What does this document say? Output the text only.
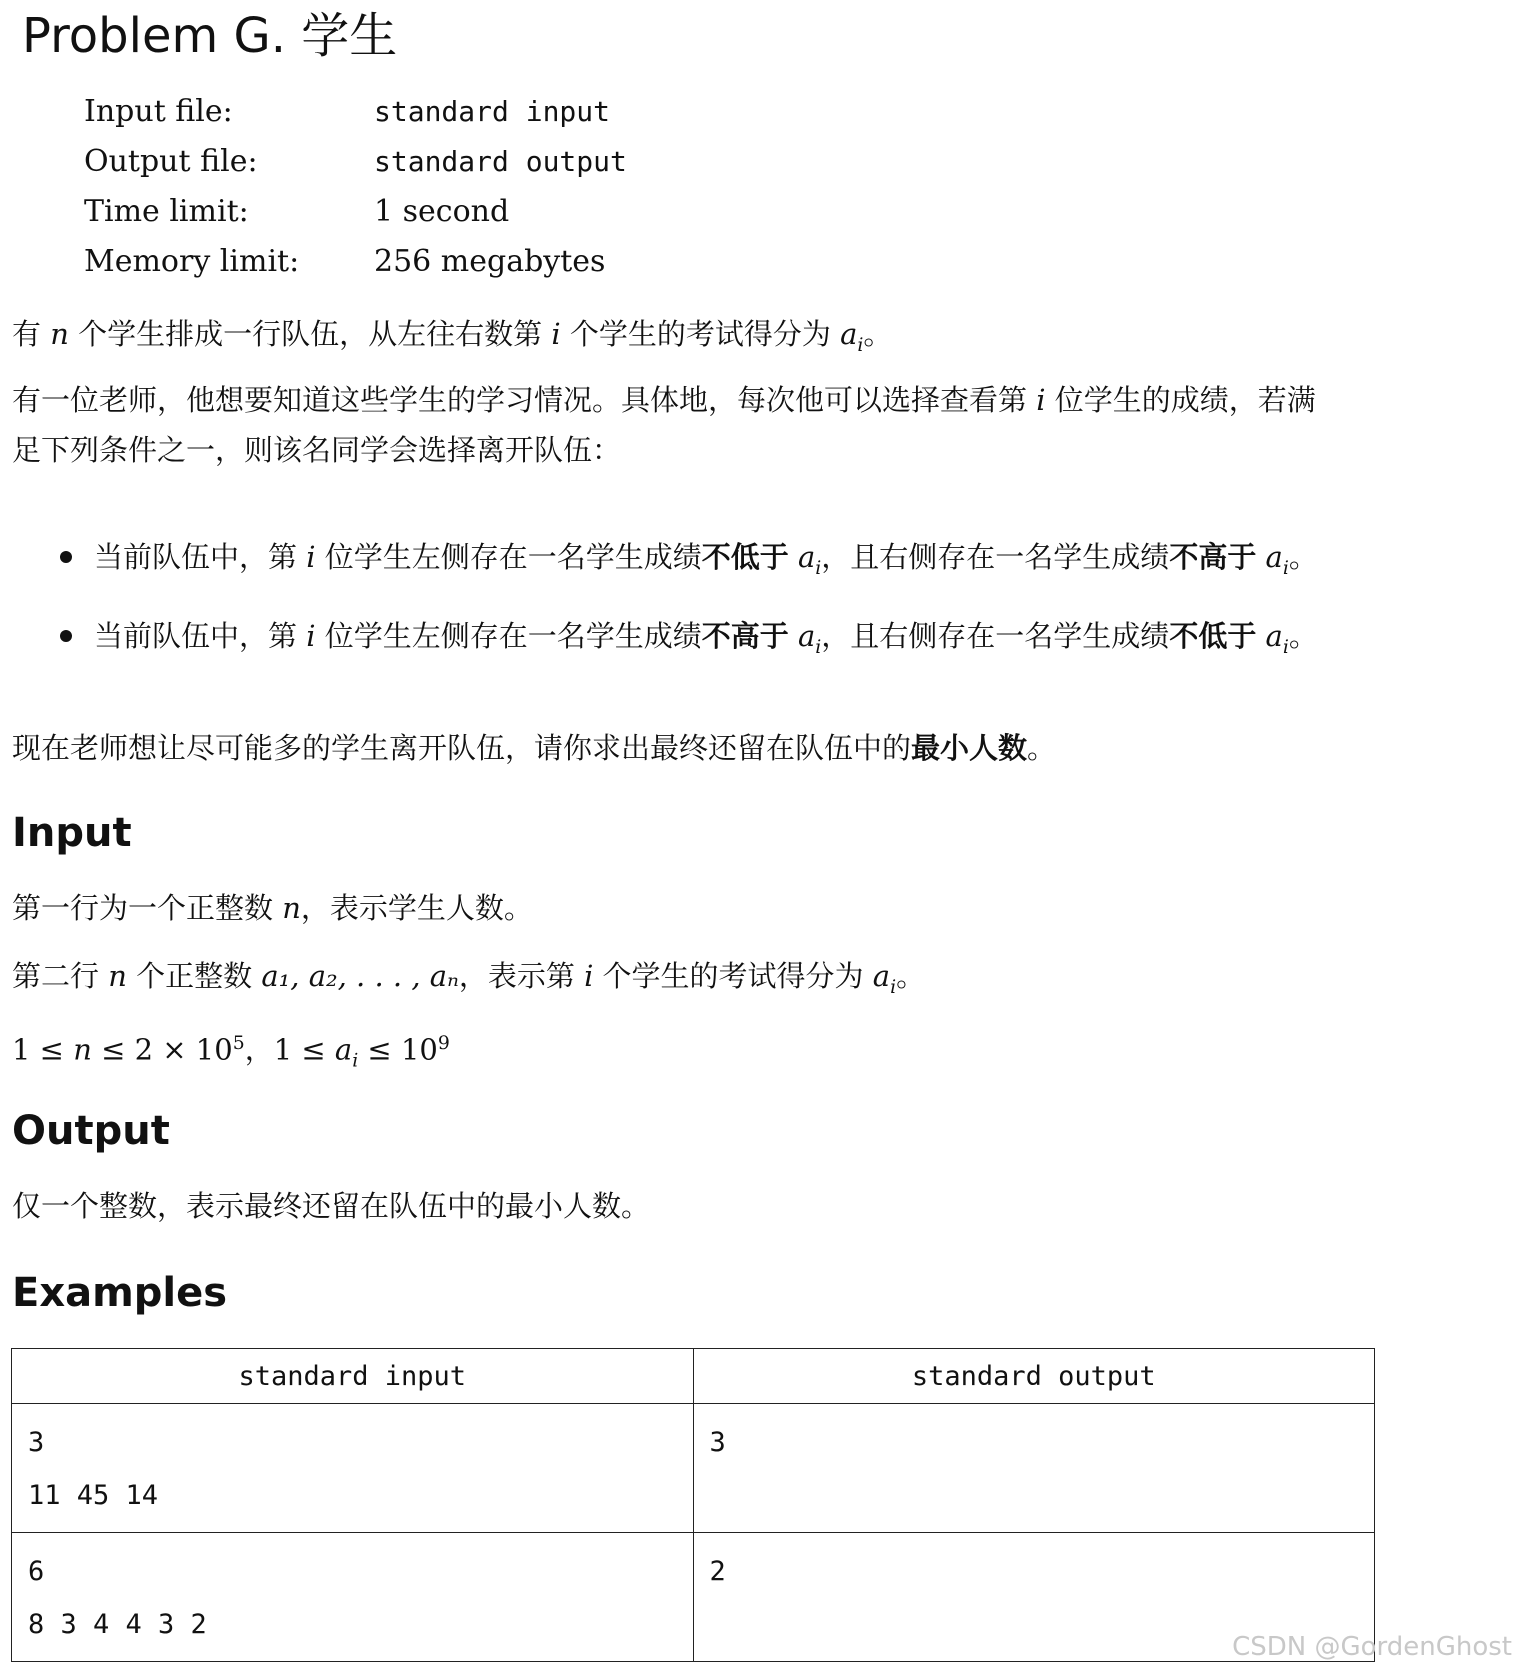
Problem G. 学生
Input file:	standard input
Output file:	standard output
Time limit:	1 second
Memory limit: 256 megabytes
有 n 个学生排成一行队伍，从左往右数第 i 个学生的考试得分为 $a_i$。
有一位老师，他想要知道这些学生的学习情况。具体地，每次他可以选择查看第 i 位学生的成绩，若满
足下列条件之一，则该名同学会选择离开队伍：
当前队伍中，第 i 位学生左侧存在一名学生成绩不低于 $a_i$，且右侧存在一名学生成绩不高于 $a_i$。
当前队伍中，第 i 位学生左侧存在一名学生成绩不高于 $a_i$，且右侧存在一名学生成绩不低于 $a_i$。
现在老师想让尽可能多的学生离开队伍，请你求出最终还留在队伍中的最小人数。
Input
第一行为一个正整数 n，表示学生人数。
第二行 n 个正整数 a₁, a₂, . . . , aₙ，表示第 i 个学生的考试得分为 $a_i$。
$1 \le n \le 2 \times 10^5$，$1 \le a_i \le 10^9$
Output
仅一个整数，表示最终还留在队伍中的最小人数。
Examples
standard input	standard output

3
11 45 14	3

6
8 3 4 4 3 2	2
CSDN @GordenGhost
